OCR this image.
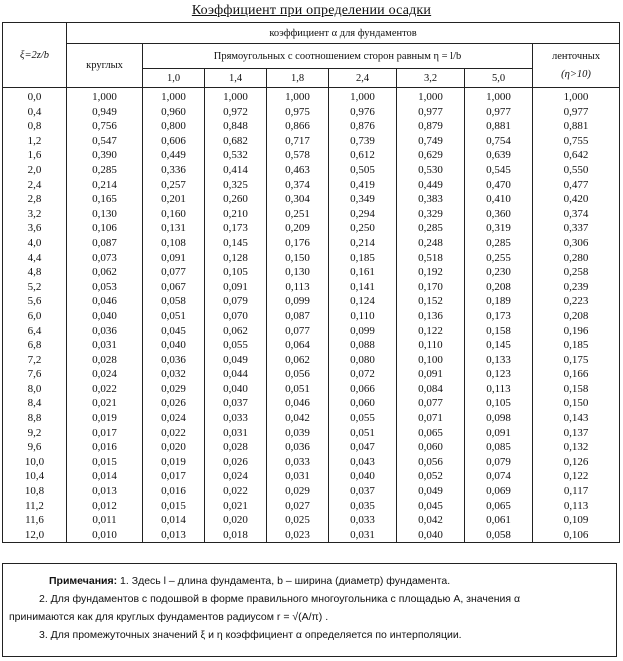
Коэффициент при определении осадки
ξ=2z/b	коэффициент α для фундаментов							
	круглых	Прямоугольных с соотношением сторон равным η = l/b						ленточных
(η>10)

		1,0	1,4	1,8	2,4	3,2	5,0	
0,0	1,000	1,000	1,000	1,000	1,000	1,000	1,000	1,000
0,4	0,949	0,960	0,972	0,975	0,976	0,977	0,977	0,977
0,8	0,756	0,800	0,848	0,866	0,876	0,879	0,881	0,881
1,2	0,547	0,606	0,682	0,717	0,739	0,749	0,754	0,755
1,6	0,390	0,449	0,532	0,578	0,612	0,629	0,639	0,642
2,0	0,285	0,336	0,414	0,463	0,505	0,530	0,545	0,550
2,4	0,214	0,257	0,325	0,374	0,419	0,449	0,470	0,477
2,8	0,165	0,201	0,260	0,304	0,349	0,383	0,410	0,420
3,2	0,130	0,160	0,210	0,251	0,294	0,329	0,360	0,374
3,6	0,106	0,131	0,173	0,209	0,250	0,285	0,319	0,337
4,0	0,087	0,108	0,145	0,176	0,214	0,248	0,285	0,306
4,4	0,073	0,091	0,128	0,150	0,185	0,518	0,255	0,280
4,8	0,062	0,077	0,105	0,130	0,161	0,192	0,230	0,258
5,2	0,053	0,067	0,091	0,113	0,141	0,170	0,208	0,239
5,6	0,046	0,058	0,079	0,099	0,124	0,152	0,189	0,223
6,0	0,040	0,051	0,070	0,087	0,110	0,136	0,173	0,208
6,4	0,036	0,045	0,062	0,077	0,099	0,122	0,158	0,196
6,8	0,031	0,040	0,055	0,064	0,088	0,110	0,145	0,185
7,2	0,028	0,036	0,049	0,062	0,080	0,100	0,133	0,175
7,6	0,024	0,032	0,044	0,056	0,072	0,091	0,123	0,166
8,0	0,022	0,029	0,040	0,051	0,066	0,084	0,113	0,158
8,4	0,021	0,026	0,037	0,046	0,060	0,077	0,105	0,150
8,8	0,019	0,024	0,033	0,042	0,055	0,071	0,098	0,143
9,2	0,017	0,022	0,031	0,039	0,051	0,065	0,091	0,137
9,6	0,016	0,020	0,028	0,036	0,047	0,060	0,085	0,132
10,0	0,015	0,019	0,026	0,033	0,043	0,056	0,079	0,126
10,4	0,014	0,017	0,024	0,031	0,040	0,052	0,074	0,122
10,8	0,013	0,016	0,022	0,029	0,037	0,049	0,069	0,117
11,2	0,012	0,015	0,021	0,027	0,035	0,045	0,065	0,113
11,6	0,011	0,014	0,020	0,025	0,033	0,042	0,061	0,109
12,0	0,010	0,013	0,018	0,023	0,031	0,040	0,058	0,106

Примечания: 1. Здесь l – длина фундамента, b – ширина (диаметр) фундамента.

2. Для фундаментов с подошвой в форме правильного многоугольника с площадью A, значения α

принимаются как для круглых фундаментов радиусом r = √(A/π) .

3. Для промежуточных значений ξ и η коэффициент α определяется по интерполяции.
